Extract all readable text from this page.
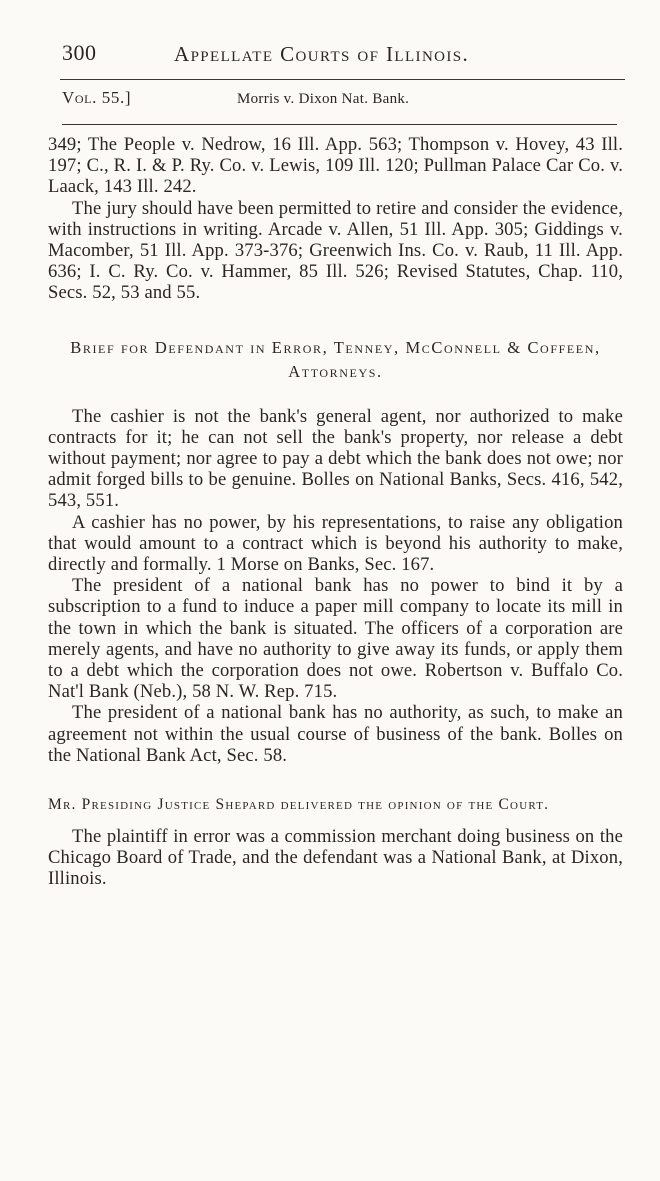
300	Appellate Courts of Illinois.
Vol. 55.]	Morris v. Dixon Nat. Bank.

349; The People v. Nedrow, 16 Ill. App. 563; Thompson v. Hovey, 43 Ill. 197; C., R. I. & P. Ry. Co. v. Lewis, 109 Ill. 120; Pullman Palace Car Co. v. Laack, 143 Ill. 242.

The jury should have been permitted to retire and consider the evidence, with instructions in writing. Arcade v. Allen, 51 Ill. App. 305; Giddings v. Macomber, 51 Ill. App. 373-376; Greenwich Ins. Co. v. Raub, 11 Ill. App. 636; I. C. Ry. Co. v. Hammer, 85 Ill. 526; Revised Statutes, Chap. 110, Secs. 52, 53 and 55.

Brief for Defendant in Error, Tenney, McConnell & Coffeen, Attorneys.

The cashier is not the bank's general agent, nor authorized to make contracts for it; he can not sell the bank's property, nor release a debt without payment; nor agree to pay a debt which the bank does not owe; nor admit forged bills to be genuine. Bolles on National Banks, Secs. 416, 542, 543, 551.

A cashier has no power, by his representations, to raise any obligation that would amount to a contract which is beyond his authority to make, directly and formally. 1 Morse on Banks, Sec. 167.

The president of a national bank has no power to bind it by a subscription to a fund to induce a paper mill company to locate its mill in the town in which the bank is situated. The officers of a corporation are merely agents, and have no authority to give away its funds, or apply them to a debt which the corporation does not owe. Robertson v. Buffalo Co. Nat'l Bank (Neb.), 58 N. W. Rep. 715.

The president of a national bank has no authority, as such, to make an agreement not within the usual course of business of the bank. Bolles on the National Bank Act, Sec. 58.

Mr. Presiding Justice Shepard delivered the opinion of the Court.

The plaintiff in error was a commission merchant doing business on the Chicago Board of Trade, and the defendant was a National Bank, at Dixon, Illinois.
